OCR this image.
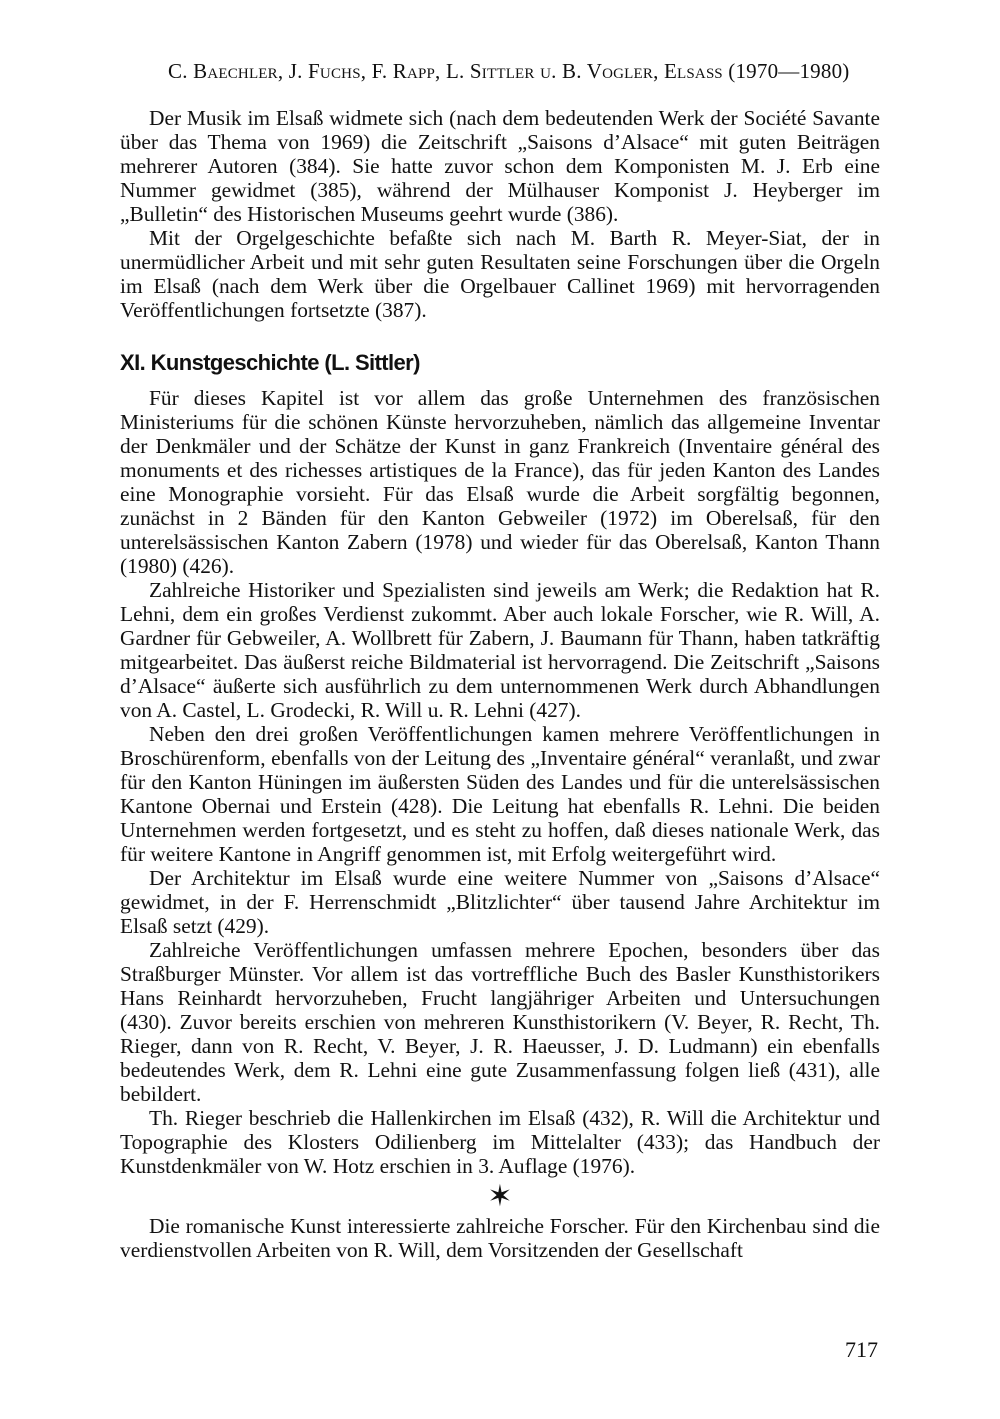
C. Baechler, J. Fuchs, F. Rapp, L. Sittler u. B. Vogler, Elsaß (1970—1980)

Der Musik im Elsaß widmete sich (nach dem bedeutenden Werk der Société Savante über das Thema von 1969) die Zeitschrift „Saisons d’Alsace“ mit guten Beiträgen mehrerer Autoren (384). Sie hatte zuvor schon dem Komponisten M. J. Erb eine Nummer gewidmet (385), während der Mülhauser Komponist J. Heyberger im „Bulletin“ des Historischen Museums geehrt wurde (386).

Mit der Orgelgeschichte befaßte sich nach M. Barth R. Meyer-Siat, der in unermüdlicher Arbeit und mit sehr guten Resultaten seine Forschungen über die Orgeln im Elsaß (nach dem Werk über die Orgelbauer Callinet 1969) mit hervorragenden Veröffentlichungen fortsetzte (387).

XI. Kunstgeschichte (L. Sittler)

Für dieses Kapitel ist vor allem das große Unternehmen des französischen Ministeriums für die schönen Künste hervorzuheben, nämlich das allgemeine Inventar der Denkmäler und der Schätze der Kunst in ganz Frankreich (Inventaire général des monuments et des richesses artistiques de la France), das für jeden Kanton des Landes eine Monographie vorsieht. Für das Elsaß wurde die Arbeit sorgfältig begonnen, zunächst in 2 Bänden für den Kanton Gebweiler (1972) im Oberelsaß, für den unterelsässischen Kanton Zabern (1978) und wieder für das Oberelsaß, Kanton Thann (1980) (426).

Zahlreiche Historiker und Spezialisten sind jeweils am Werk; die Redaktion hat R. Lehni, dem ein großes Verdienst zukommt. Aber auch lokale Forscher, wie R. Will, A. Gardner für Gebweiler, A. Wollbrett für Zabern, J. Baumann für Thann, haben tatkräftig mitgearbeitet. Das äußerst reiche Bildmaterial ist hervorragend. Die Zeitschrift „Saisons d’Alsace“ äußerte sich ausführlich zu dem unternommenen Werk durch Abhandlungen von A. Castel, L. Grodecki, R. Will u. R. Lehni (427).

Neben den drei großen Veröffentlichungen kamen mehrere Veröffentlichungen in Broschürenform, ebenfalls von der Leitung des „Inventaire général“ veranlaßt, und zwar für den Kanton Hüningen im äußersten Süden des Landes und für die unterelsässischen Kantone Obernai und Erstein (428). Die Leitung hat ebenfalls R. Lehni. Die beiden Unternehmen werden fortgesetzt, und es steht zu hoffen, daß dieses nationale Werk, das für weitere Kantone in Angriff genommen ist, mit Erfolg weitergeführt wird.

Der Architektur im Elsaß wurde eine weitere Nummer von „Saisons d’Alsace“ gewidmet, in der F. Herrenschmidt „Blitzlichter“ über tausend Jahre Architektur im Elsaß setzt (429).

Zahlreiche Veröffentlichungen umfassen mehrere Epochen, besonders über das Straßburger Münster. Vor allem ist das vortreffliche Buch des Basler Kunsthistorikers Hans Reinhardt hervorzuheben, Frucht langjähriger Arbeiten und Untersuchungen (430). Zuvor bereits erschien von mehreren Kunsthistorikern (V. Beyer, R. Recht, Th. Rieger, dann von R. Recht, V. Beyer, J. R. Haeusser, J. D. Ludmann) ein ebenfalls bedeutendes Werk, dem R. Lehni eine gute Zusammenfassung folgen ließ (431), alle bebildert.

Th. Rieger beschrieb die Hallenkirchen im Elsaß (432), R. Will die Architektur und Topographie des Klosters Odilienberg im Mittelalter (433); das Handbuch der Kunstdenkmäler von W. Hotz erschien in 3. Auflage (1976).

✶

Die romanische Kunst interessierte zahlreiche Forscher. Für den Kirchenbau sind die verdienstvollen Arbeiten von R. Will, dem Vorsitzenden der Gesellschaft

717
